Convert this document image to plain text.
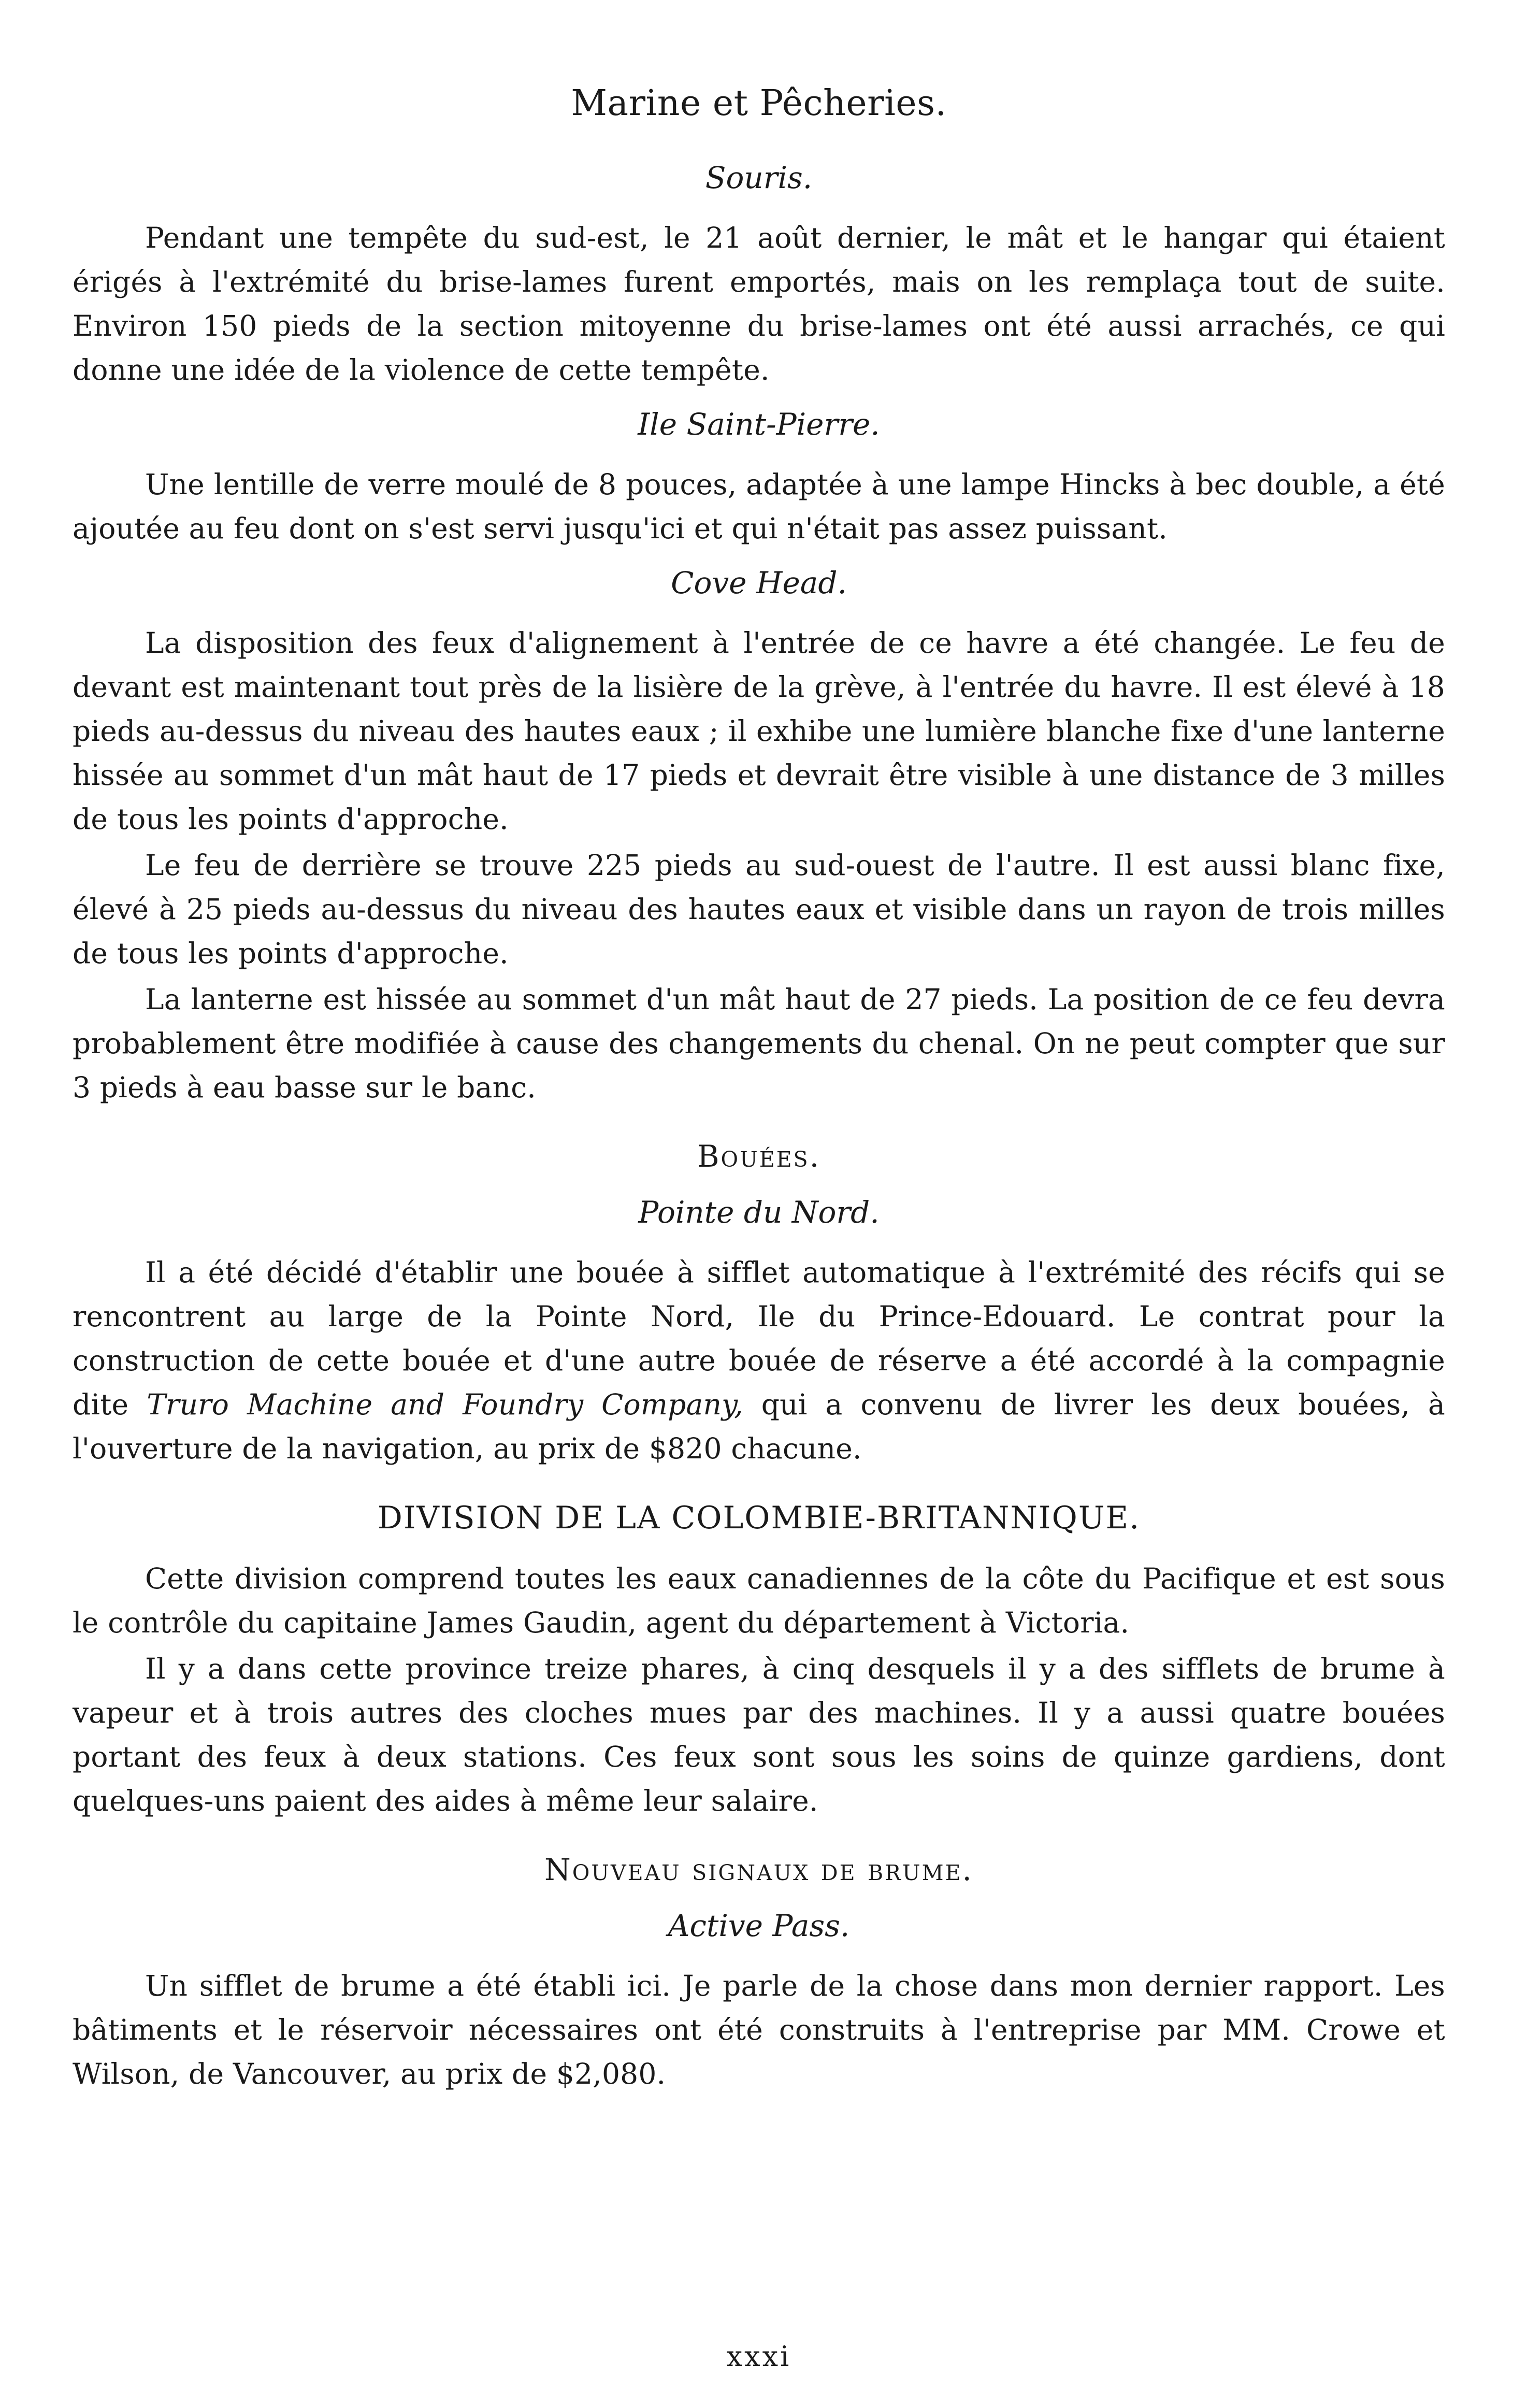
Marine et Pêcheries.
Souris.

Pendant une tempête du sud-est, le 21 août dernier, le mât et le hangar qui étaient érigés à l'extrémité du brise-lames furent emportés, mais on les remplaça tout de suite. Environ 150 pieds de la section mitoyenne du brise-lames ont été aussi arrachés, ce qui donne une idée de la violence de cette tempête.

Ile Saint-Pierre.

Une lentille de verre moulé de 8 pouces, adaptée à une lampe Hincks à bec double, a été ajoutée au feu dont on s'est servi jusqu'ici et qui n'était pas assez puissant.

Cove Head.

La disposition des feux d'alignement à l'entrée de ce havre a été changée. Le feu de devant est maintenant tout près de la lisière de la grève, à l'entrée du havre. Il est élevé à 18 pieds au-dessus du niveau des hautes eaux ; il exhibe une lumière blanche fixe d'une lanterne hissée au sommet d'un mât haut de 17 pieds et devrait être visible à une distance de 3 milles de tous les points d'approche.

Le feu de derrière se trouve 225 pieds au sud-ouest de l'autre. Il est aussi blanc fixe, élevé à 25 pieds au-dessus du niveau des hautes eaux et visible dans un rayon de trois milles de tous les points d'approche.

La lanterne est hissée au sommet d'un mât haut de 27 pieds. La position de ce feu devra probablement être modifiée à cause des changements du chenal. On ne peut compter que sur 3 pieds à eau basse sur le banc.

Bouées.
Pointe du Nord.

Il a été décidé d'établir une bouée à sifflet automatique à l'extrémité des récifs qui se rencontrent au large de la Pointe Nord, Ile du Prince-Edouard. Le contrat pour la construction de cette bouée et d'une autre bouée de réserve a été accordé à la compagnie dite Truro Machine and Foundry Company, qui a convenu de livrer les deux bouées, à l'ouverture de la navigation, au prix de $820 chacune.

DIVISION DE LA COLOMBIE-BRITANNIQUE.

Cette division comprend toutes les eaux canadiennes de la côte du Pacifique et est sous le contrôle du capitaine James Gaudin, agent du département à Victoria.

Il y a dans cette province treize phares, à cinq desquels il y a des sifflets de brume à vapeur et à trois autres des cloches mues par des machines. Il y a aussi quatre bouées portant des feux à deux stations. Ces feux sont sous les soins de quinze gardiens, dont quelques-uns paient des aides à même leur salaire.

Nouveau signaux de brume.
Active Pass.

Un sifflet de brume a été établi ici. Je parle de la chose dans mon dernier rapport. Les bâtiments et le réservoir nécessaires ont été construits à l'entreprise par MM. Crowe et Wilson, de Vancouver, au prix de $2,080.

xxxi
